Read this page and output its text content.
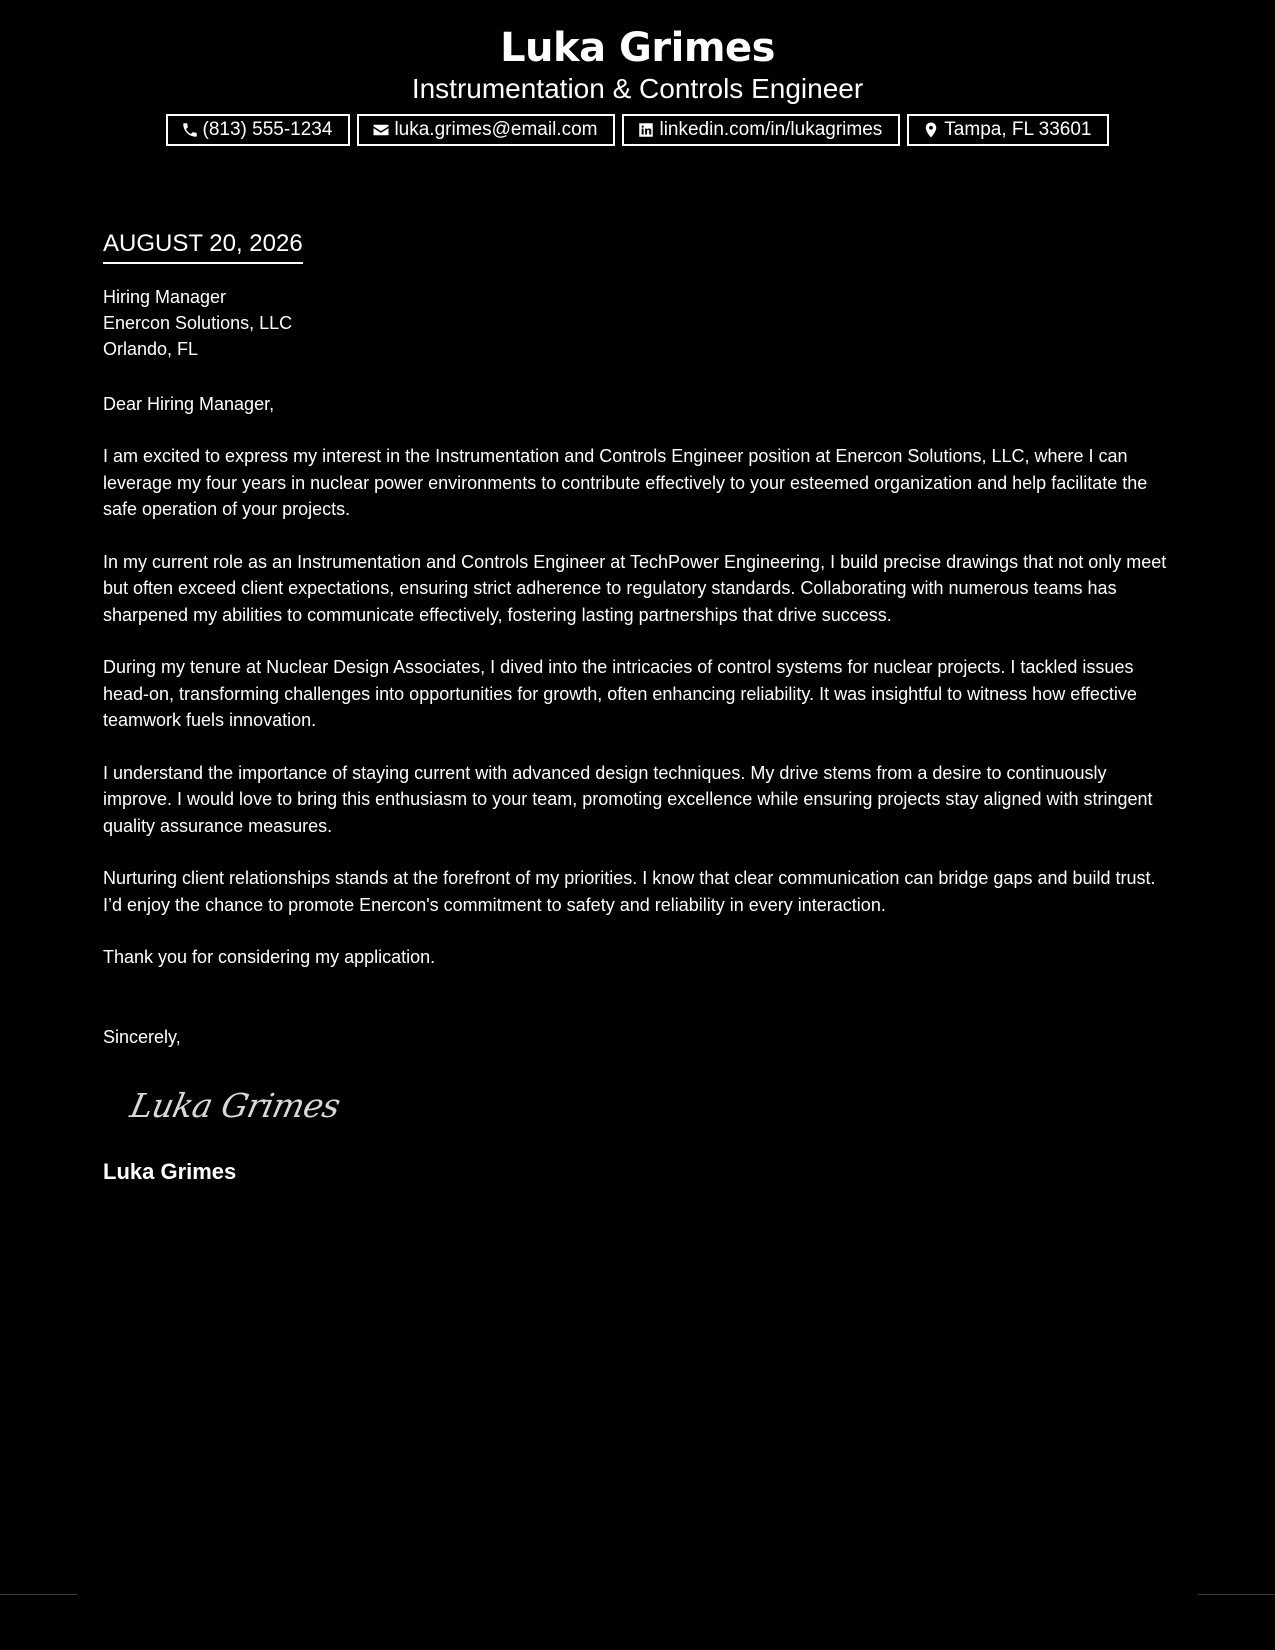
Luka Grimes
Instrumentation & Controls Engineer
(813) 555-1234	luka.grimes@email.com	linkedin.com/in/lukagrimes	Tampa, FL 33601
AUGUST 20, 2026
Hiring Manager
Enercon Solutions, LLC
Orlando, FL
Dear Hiring Manager,
I am excited to express my interest in the Instrumentation and Controls Engineer position at Enercon Solutions, LLC, where I can leverage my four years in nuclear power environments to contribute effectively to your esteemed organization and help facilitate the safe operation of your projects.
In my current role as an Instrumentation and Controls Engineer at TechPower Engineering, I build precise drawings that not only meet but often exceed client expectations, ensuring strict adherence to regulatory standards. Collaborating with numerous teams has sharpened my abilities to communicate effectively, fostering lasting partnerships that drive success.
During my tenure at Nuclear Design Associates, I dived into the intricacies of control systems for nuclear projects. I tackled issues head-on, transforming challenges into opportunities for growth, often enhancing reliability. It was insightful to witness how effective teamwork fuels innovation.
I understand the importance of staying current with advanced design techniques. My drive stems from a desire to continuously improve. I would love to bring this enthusiasm to your team, promoting excellence while ensuring projects stay aligned with stringent quality assurance measures.
Nurturing client relationships stands at the forefront of my priorities. I know that clear communication can bridge gaps and build trust. I’d enjoy the chance to promote Enercon's commitment to safety and reliability in every interaction.
Thank you for considering my application.
Sincerely,
Luka Grimes
Luka Grimes
